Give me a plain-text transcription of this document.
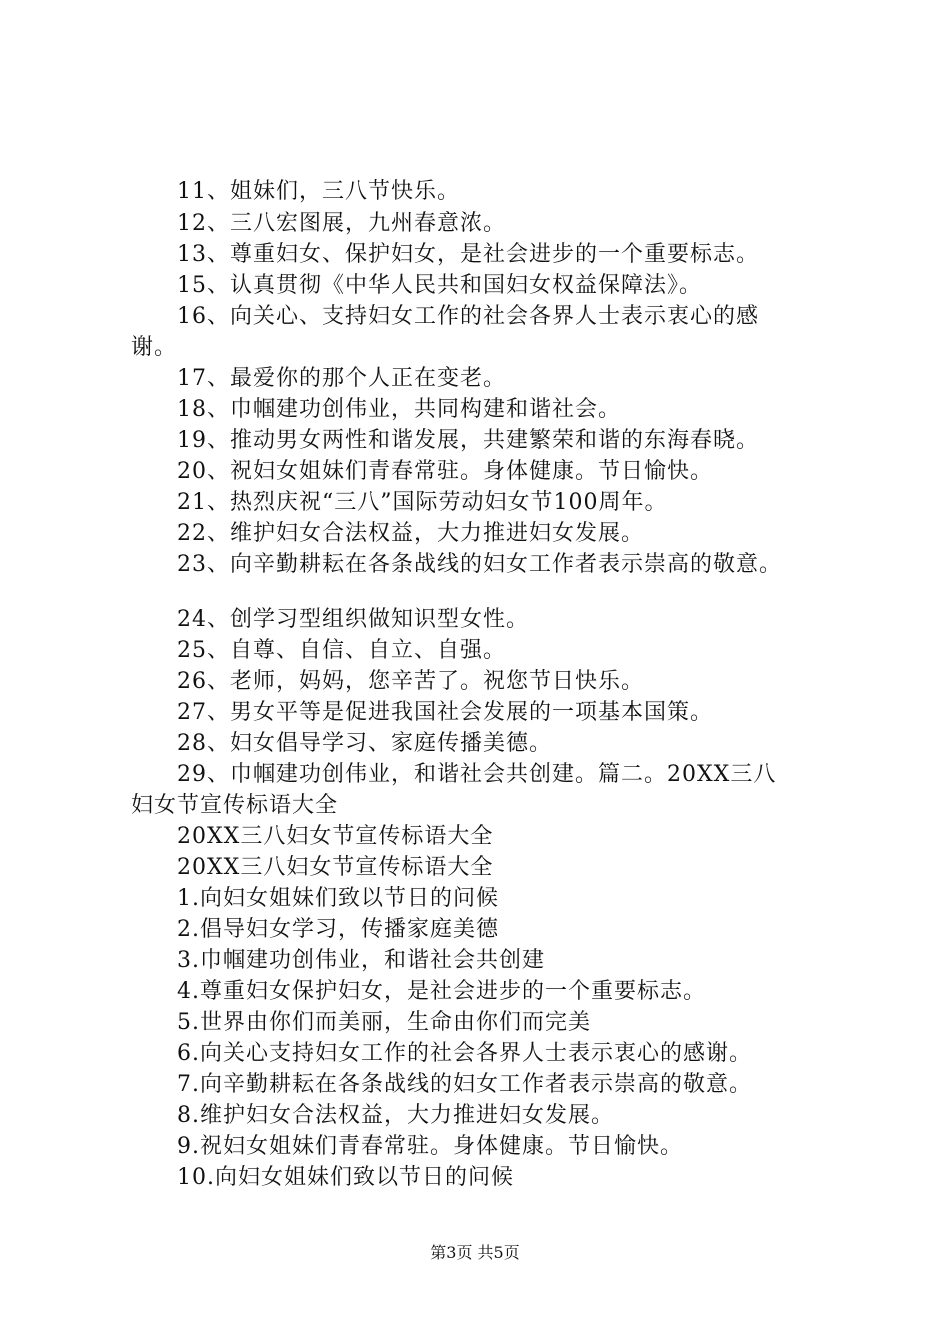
11、姐妹们，三八节快乐。
12、三八宏图展，九州春意浓。
13、尊重妇女、保护妇女，是社会进步的一个重要标志。
15、认真贯彻《中华人民共和国妇女权益保障法》。
16、向关心、支持妇女工作的社会各界人士表示衷心的感
谢。
17、最爱你的那个人正在变老。
18、巾帼建功创伟业，共同构建和谐社会。
19、推动男女两性和谐发展，共建繁荣和谐的东海春晓。
20、祝妇女姐妹们青春常驻。身体健康。节日愉快。
21、热烈庆祝“三八”国际劳动妇女节100周年。
22、维护妇女合法权益，大力推进妇女发展。
23、向辛勤耕耘在各条战线的妇女工作者表示崇高的敬意。
24、创学习型组织做知识型女性。
25、自尊、自信、自立、自强。
26、老师，妈妈，您辛苦了。祝您节日快乐。
27、男女平等是促进我国社会发展的一项基本国策。
28、妇女倡导学习、家庭传播美德。
29、巾帼建功创伟业，和谐社会共创建。篇二。20XX三八
妇女节宣传标语大全
20XX三八妇女节宣传标语大全
20XX三八妇女节宣传标语大全
1.向妇女姐妹们致以节日的问候
2.倡导妇女学习，传播家庭美德
3.巾帼建功创伟业，和谐社会共创建
4.尊重妇女保护妇女，是社会进步的一个重要标志。
5.世界由你们而美丽，生命由你们而完美
6.向关心支持妇女工作的社会各界人士表示衷心的感谢。
7.向辛勤耕耘在各条战线的妇女工作者表示崇高的敬意。
8.维护妇女合法权益，大力推进妇女发展。
9.祝妇女姐妹们青春常驻。身体健康。节日愉快。
10.向妇女姐妹们致以节日的问候
第3页 共5页
